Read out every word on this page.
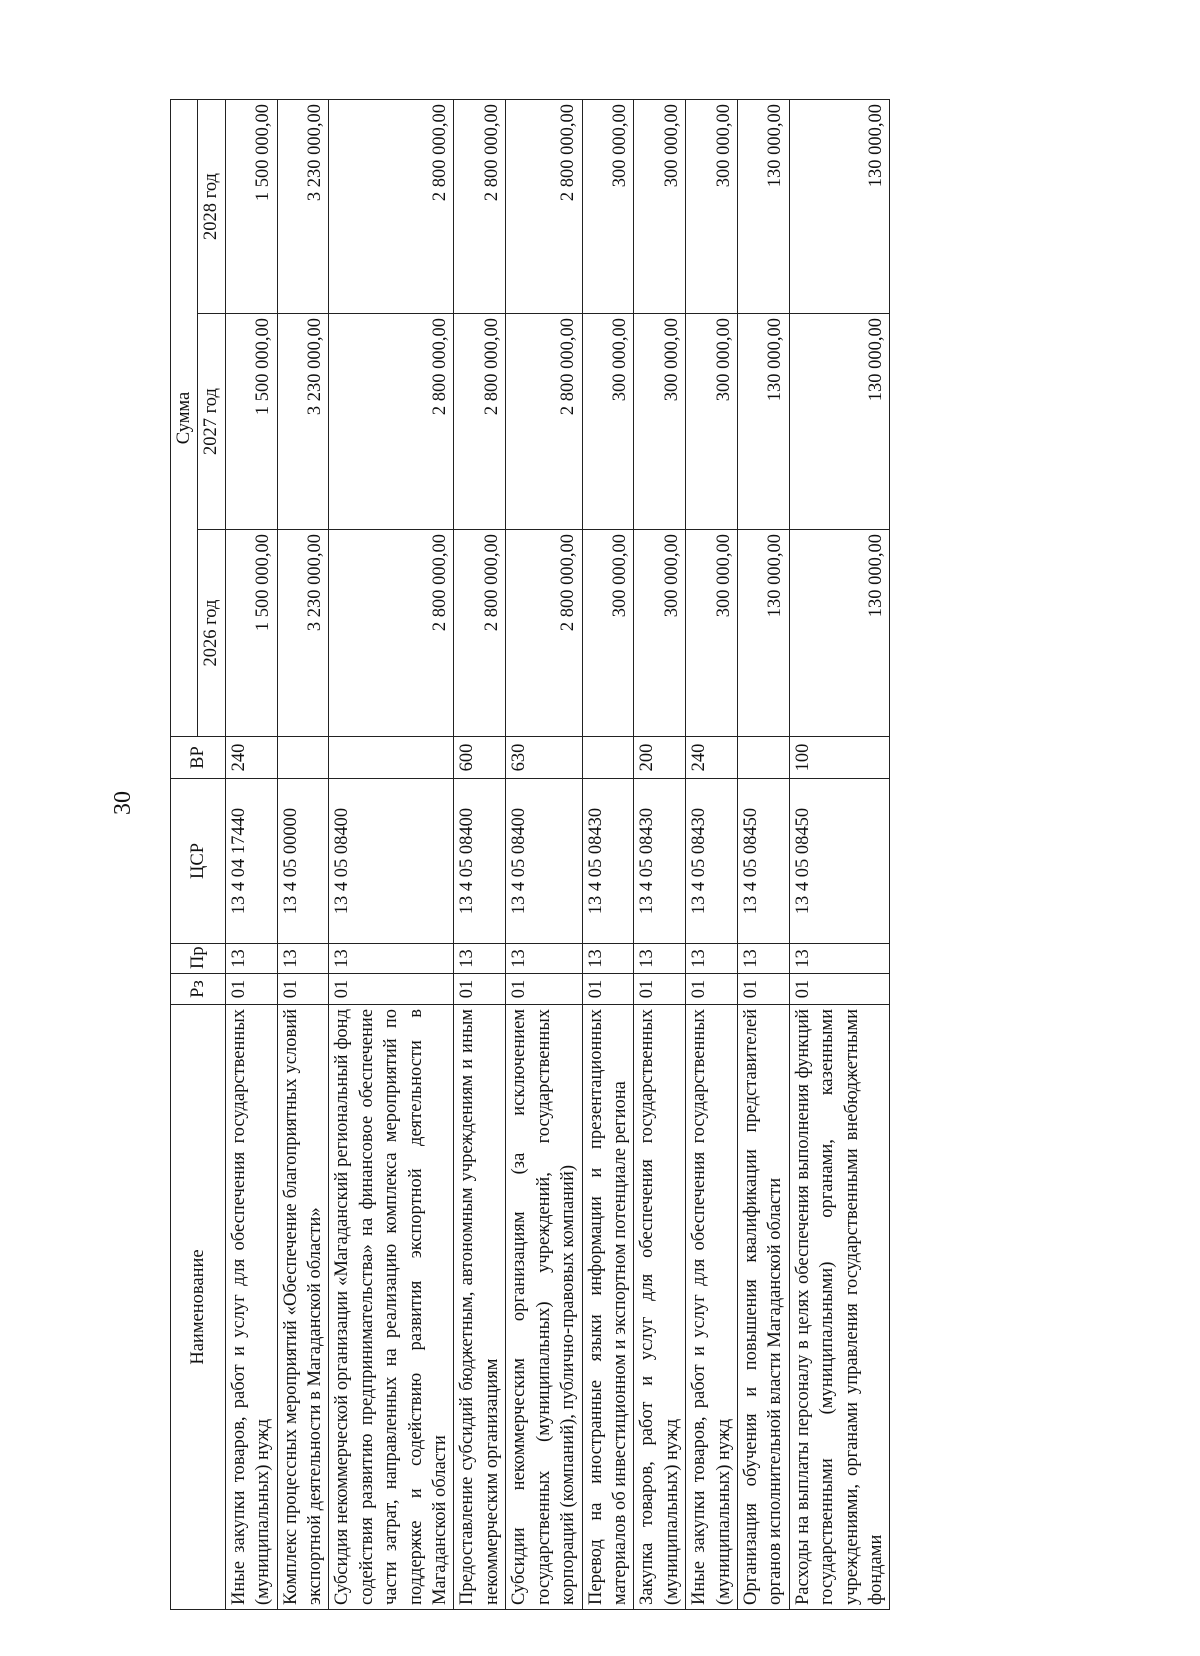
30
Наименование	Рз	Пр	ЦСР	ВР	Сумма		
					2026 год	2027 год	2028 год
Иные закупки товаров, работ и услуг для обеспечения государственных (муниципальных) нужд	01	13	13 4 04 17440	240	1 500 000,00	1 500 000,00	1 500 000,00
Комплекс процессных мероприятий «Обеспечение благоприятных условий экспортной деятельности в Магаданской области»	01	13	13 4 05 00000		3 230 000,00	3 230 000,00	3 230 000,00
Субсидия некоммерческой организации «Магаданский региональный фонд содействия развитию предпринимательства» на финансовое обеспечение части затрат, направленных на реализацию комплекса мероприятий по поддержке и содействию развития экспортной деятельности в Магаданской области	01	13	13 4 05 08400		2 800 000,00	2 800 000,00	2 800 000,00
Предоставление субсидий бюджетным, автономным учреждениям и иным некоммерческим организациям	01	13	13 4 05 08400	600	2 800 000,00	2 800 000,00	2 800 000,00
Субсидии некоммерческим организациям (за исключением государственных (муниципальных) учреждений, государственных корпораций (компаний), публично-правовых компаний)	01	13	13 4 05 08400	630	2 800 000,00	2 800 000,00	2 800 000,00
Перевод на иностранные языки информации и презентационных материалов об инвестиционном и экспортном потенциале региона	01	13	13 4 05 08430		300 000,00	300 000,00	300 000,00
Закупка товаров, работ и услуг для обеспечения государственных (муниципальных) нужд	01	13	13 4 05 08430	200	300 000,00	300 000,00	300 000,00
Иные закупки товаров, работ и услуг для обеспечения государственных (муниципальных) нужд	01	13	13 4 05 08430	240	300 000,00	300 000,00	300 000,00
Организация обучения и повышения квалификации представителей органов исполнительной власти Магаданской области	01	13	13 4 05 08450		130 000,00	130 000,00	130 000,00
Расходы на выплаты персоналу в целях обеспечения выполнения функций государственными (муниципальными) органами, казенными учреждениями, органами управления государственными внебюджетными фондами	01	13	13 4 05 08450	100	130 000,00	130 000,00	130 000,00
